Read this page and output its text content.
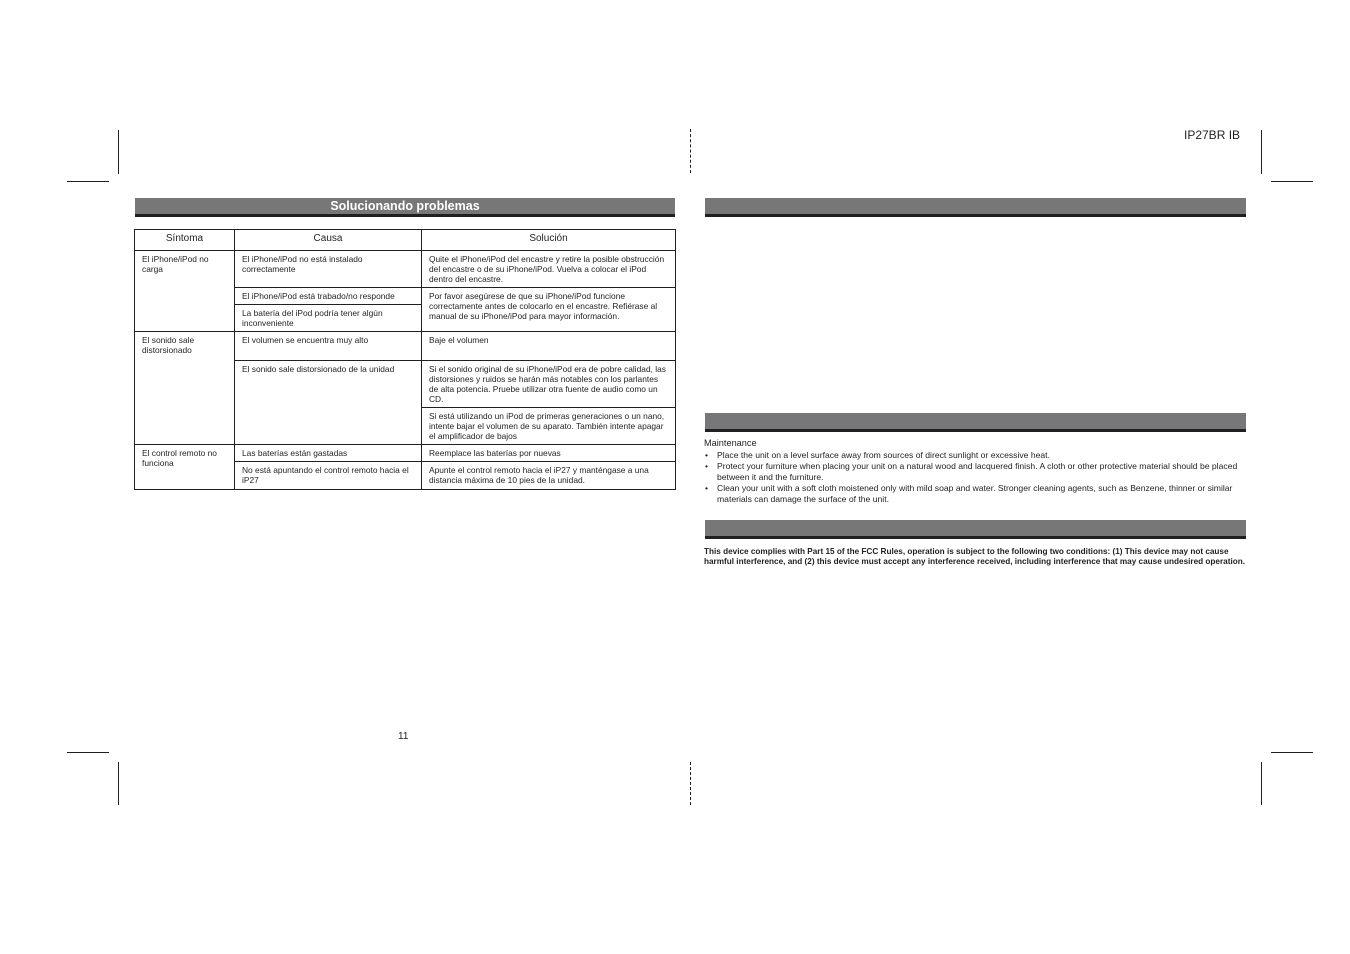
IP27BR IB
Solucionando problemas
Síntoma	Causa	Solución
El iPhone/iPod no carga	El iPhone/iPod no está instalado correctamente	Quite el iPhone/iPod del encastre y retire la posible obstrucción del encastre o de su iPhone/iPod. Vuelva a colocar el iPod dentro del encastre.
	El iPhone/iPod está trabado/no responde	Por favor asegúrese de que su iPhone/iPod funcione correctamente antes de colocarlo en el encastre. Refiérase al manual de su iPhone/iPod para mayor información.
	La batería del iPod podría tener algún inconveniente	
El sonido sale distorsionado	El volumen se encuentra muy alto	Baje el volumen
	El sonido sale distorsionado de la unidad	Si el sonido original de su iPhone/iPod era de pobre calidad, las distorsiones y ruidos se harán más notables con los parlantes de alta potencia. Pruebe utilizar otra fuente de audio como un CD.
		Si está utilizando un iPod de primeras generaciones o un nano, intente bajar el volumen de su aparato. También intente apagar el amplificador de bajos
El control remoto no funciona	Las baterías están gastadas	Reemplace las baterías por nuevas
	No está apuntando el control remoto hacia el iP27	Apunte el control remoto hacia el iP27 y manténgase a una distancia máxima de 10 pies de la unidad.
11
Maintenance
• Place the unit on a level surface away from sources of direct sunlight or excessive heat.
• Protect your furniture when placing your unit on a natural wood and lacquered finish. A cloth or other protective material should be placed between it and the furniture.
• Clean your unit with a soft cloth moistened only with mild soap and water. Stronger cleaning agents, such as Benzene, thinner or similar materials can damage the surface of the unit.
This device complies with Part 15 of the FCC Rules, operation is subject to the following two conditions: (1) This device may not cause harmful interference, and (2) this device must accept any interference received, including interference that may cause undesired operation.
